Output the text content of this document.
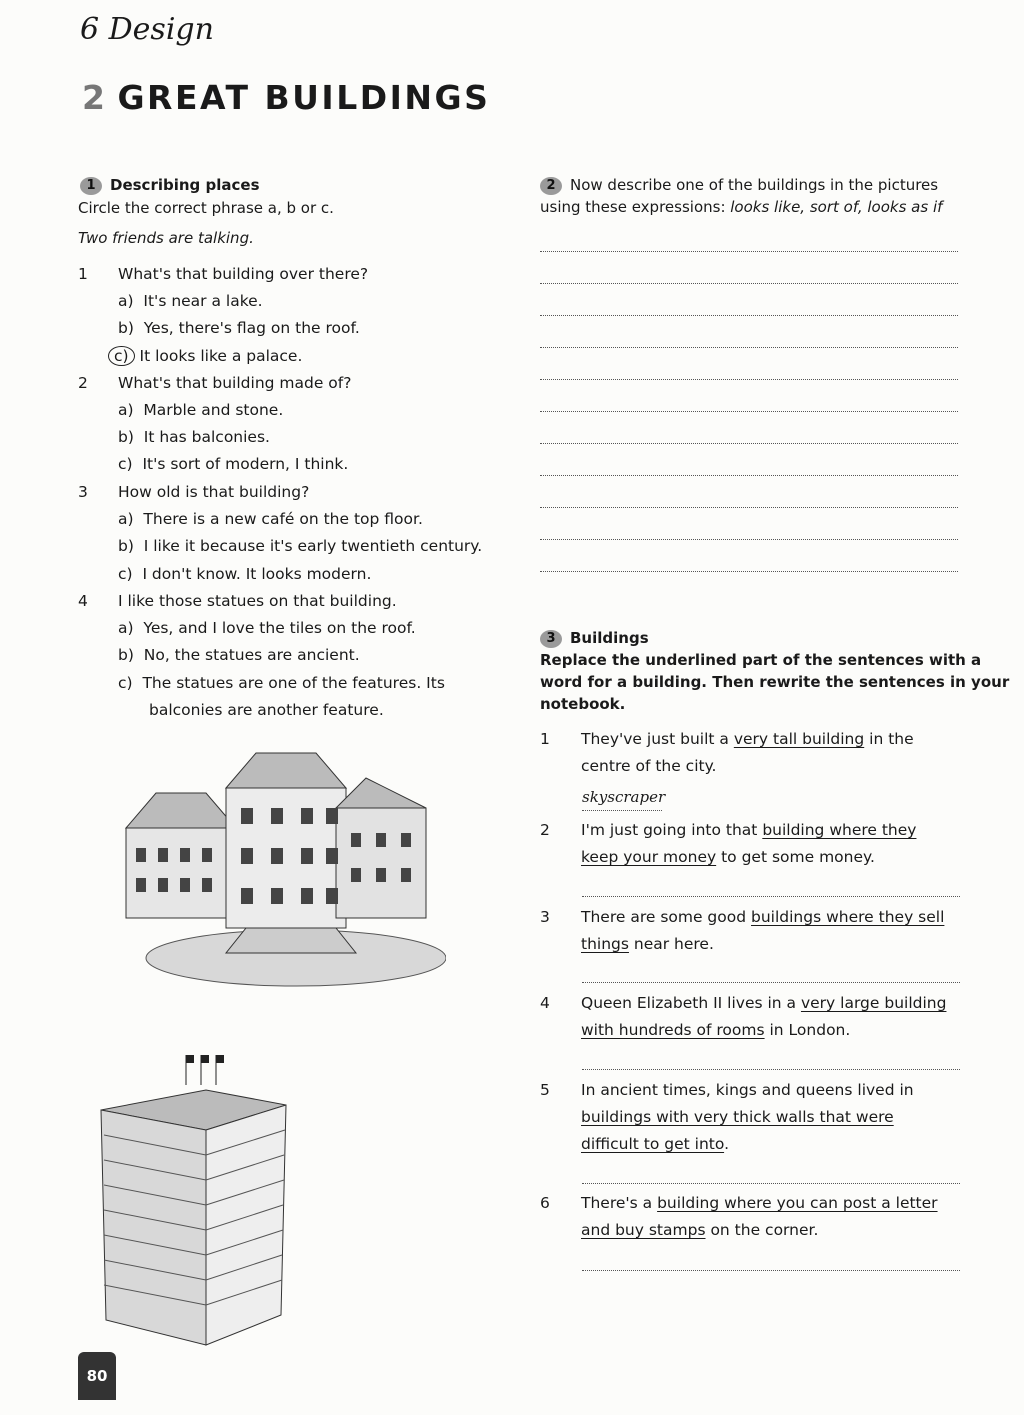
6 Design
2 GREAT BUILDINGS
1 Describing places
Circle the correct phrase a, b or c.
Two friends are talking.
1 What's that building over there?
a) It's near a lake.
b) Yes, there's flag on the roof.
c) It looks like a palace.
2 What's that building made of?
a) Marble and stone.
b) It has balconies.
c) It's sort of modern, I think.
3 How old is that building?
a) There is a new café on the top floor.
b) I like it because it's early twentieth century.
c) I don't know. It looks modern.
4 I like those statues on that building.
a) Yes, and I love the tiles on the roof.
b) No, the statues are ancient.
c) The statues are one of the features. Its
balconies are another feature.
2 Now describe one of the buildings in the pictures
using these expressions: looks like, sort of, looks as if
3 Buildings
Replace the underlined part of the sentences with a
word for a building. Then rewrite the sentences in your
notebook.
1 They've just built a very tall building in the
centre of the city.
skyscraper
2 I'm just going into that building where they
keep your money to get some money.
3 There are some good buildings where they sell
things near here.
4 Queen Elizabeth II lives in a very large building
with hundreds of rooms in London.
5 In ancient times, kings and queens lived in
buildings with very thick walls that were
difficult to get into.
6 There's a building where you can post a letter
and buy stamps on the corner.
80
